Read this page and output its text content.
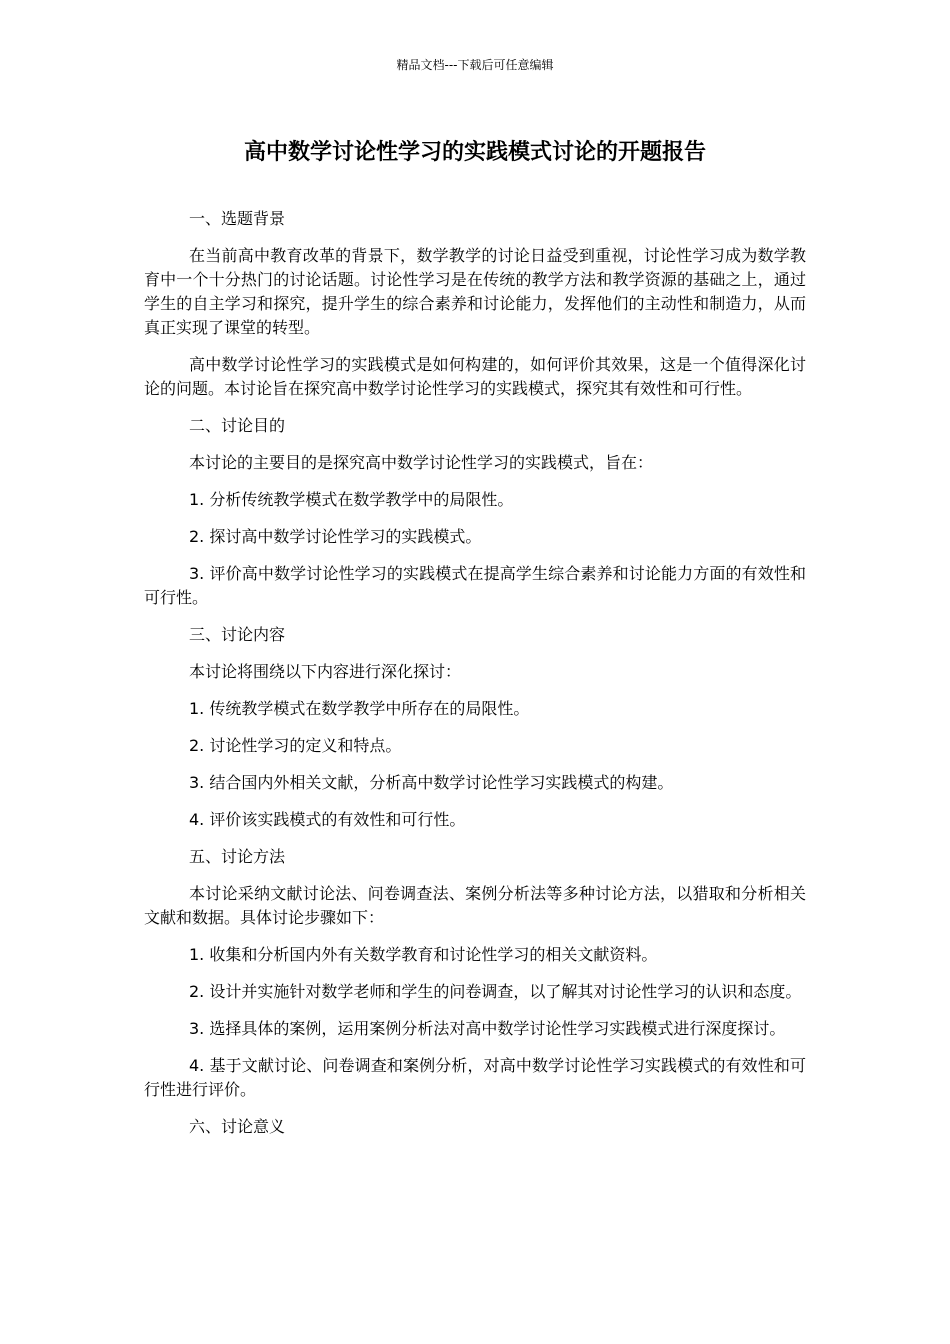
精品文档---下载后可任意编辑
高中数学讨论性学习的实践模式讨论的开题报告

一、选题背景

在当前高中教育改革的背景下，数学教学的讨论日益受到重视，讨论性学习成为数学教育中一个十分热门的讨论话题。讨论性学习是在传统的教学方法和教学资源的基础之上，通过学生的自主学习和探究，提升学生的综合素养和讨论能力，发挥他们的主动性和制造力，从而真正实现了课堂的转型。

高中数学讨论性学习的实践模式是如何构建的，如何评价其效果，这是一个值得深化讨论的问题。本讨论旨在探究高中数学讨论性学习的实践模式，探究其有效性和可行性。

二、讨论目的

本讨论的主要目的是探究高中数学讨论性学习的实践模式，旨在：

1. 分析传统教学模式在数学教学中的局限性。

2. 探讨高中数学讨论性学习的实践模式。

3. 评价高中数学讨论性学习的实践模式在提高学生综合素养和讨论能力方面的有效性和可行性。

三、讨论内容

本讨论将围绕以下内容进行深化探讨：

1. 传统教学模式在数学教学中所存在的局限性。

2. 讨论性学习的定义和特点。

3. 结合国内外相关文献，分析高中数学讨论性学习实践模式的构建。

4. 评价该实践模式的有效性和可行性。

五、讨论方法

本讨论采纳文献讨论法、问卷调查法、案例分析法等多种讨论方法，以猎取和分析相关文献和数据。具体讨论步骤如下：

1. 收集和分析国内外有关数学教育和讨论性学习的相关文献资料。

2. 设计并实施针对数学老师和学生的问卷调查，以了解其对讨论性学习的认识和态度。

3. 选择具体的案例，运用案例分析法对高中数学讨论性学习实践模式进行深度探讨。

4. 基于文献讨论、问卷调查和案例分析，对高中数学讨论性学习实践模式的有效性和可行性进行评价。

六、讨论意义
